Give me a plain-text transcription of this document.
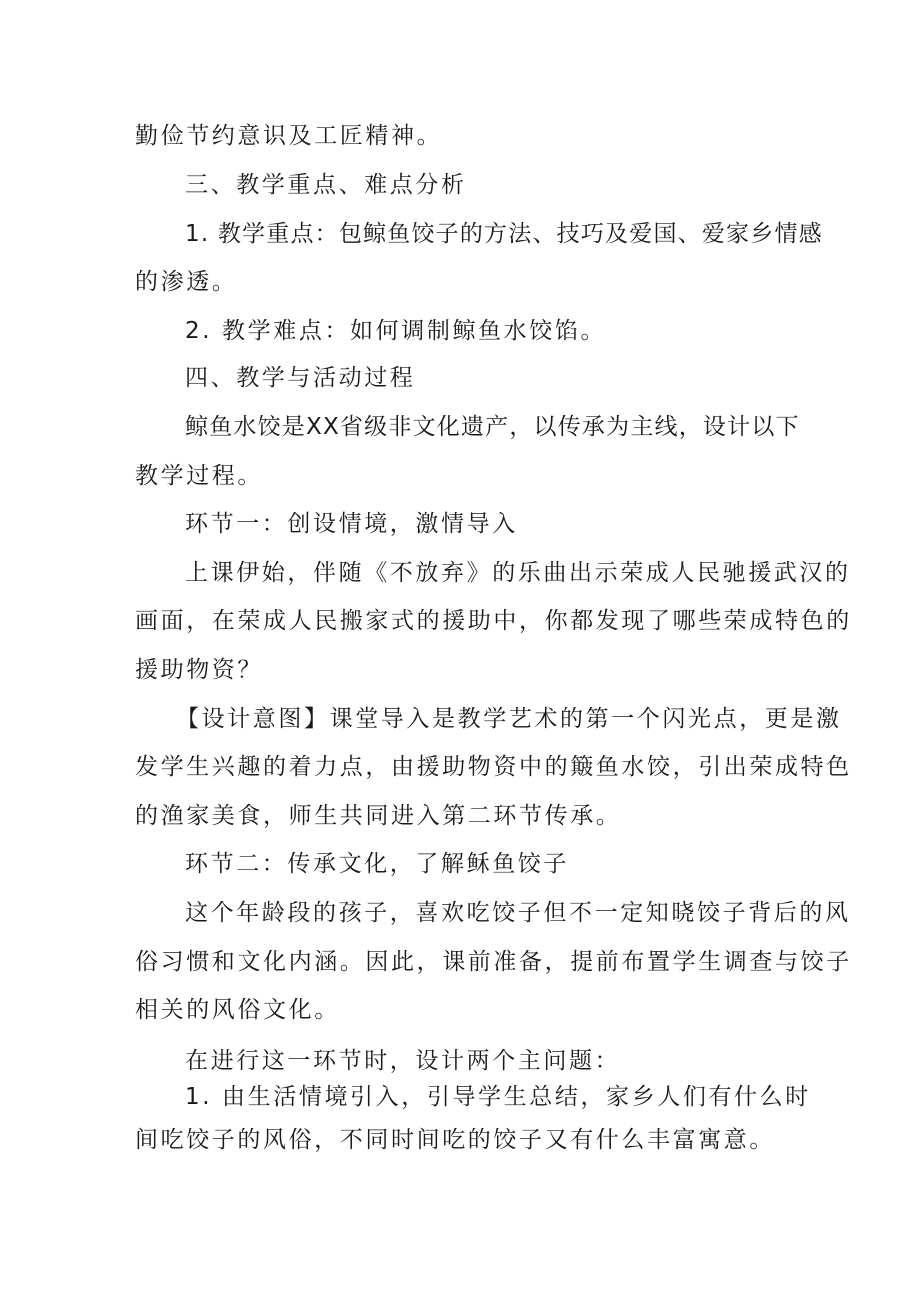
勤俭节约意识及工匠精神。
三、教学重点、难点分析
1. 教学重点：包鲸鱼饺子的方法、技巧及爱国、爱家乡情感
的渗透。
2. 教学难点：如何调制鲸鱼水饺馅。
四、教学与活动过程
鲸鱼水饺是XX省级非文化遗产，以传承为主线，设计以下
教学过程。
环节一：创设情境，激情导入
上课伊始，伴随《不放弃》的乐曲出示荣成人民驰援武汉的
画面，在荣成人民搬家式的援助中，你都发现了哪些荣成特色的
援助物资？
【设计意图】课堂导入是教学艺术的第一个闪光点，更是激
发学生兴趣的着力点，由援助物资中的簸鱼水饺，引出荣成特色
的渔家美食，师生共同进入第二环节传承。
环节二：传承文化，了解稣鱼饺子
这个年龄段的孩子，喜欢吃饺子但不一定知晓饺子背后的风
俗习惯和文化内涵。因此，课前准备，提前布置学生调查与饺子
相关的风俗文化。
在进行这一环节时，设计两个主问题：
1. 由生活情境引入，引导学生总结，家乡人们有什么时
间吃饺子的风俗，不同时间吃的饺子又有什么丰富寓意。
